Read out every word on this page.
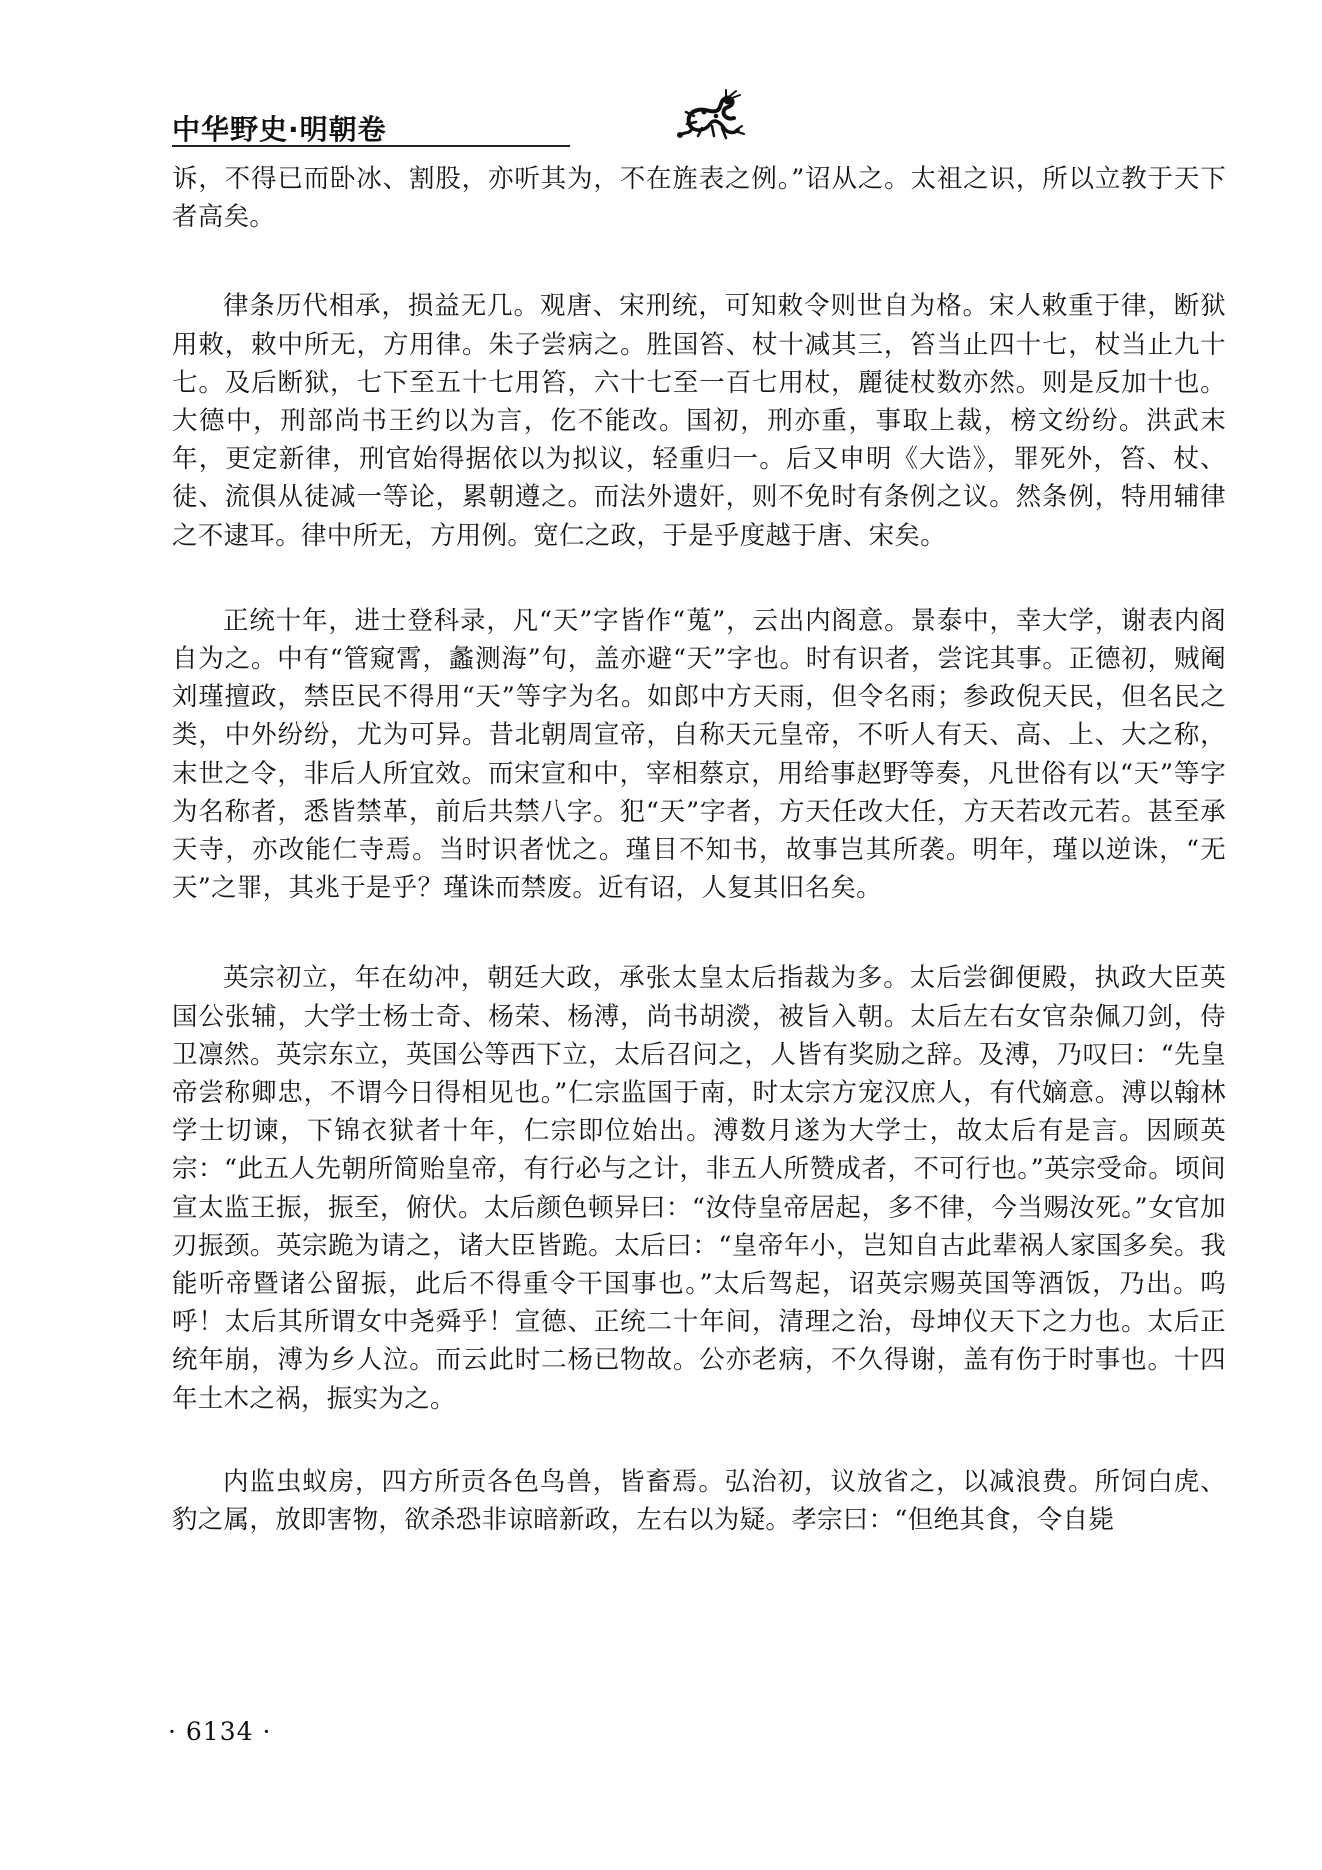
中华野史·明朝卷

诉，不得已而卧冰、割股，亦听其为，不在旌表之例。”诏从之。太祖之识，所以立教于天下者高矣。

律条历代相承，损益无几。观唐、宋刑统，可知敕令则世自为格。宋人敕重于律，断狱用敕，敕中所无，方用律。朱子尝病之。胜国笞、杖十减其三，笞当止四十七，杖当止九十七。及后断狱，七下至五十七用笞，六十七至一百七用杖，麗徒杖数亦然。则是反加十也。大德中，刑部尚书王约以为言，仡不能改。国初，刑亦重，事取上裁，榜文纷纷。洪武末年，更定新律，刑官始得据依以为拟议，轻重归一。后又申明《大诰》，罪死外，笞、杖、徒、流俱从徒减一等论，累朝遵之。而法外遗奸，则不免时有条例之议。然条例，特用辅律之不逮耳。律中所无，方用例。宽仁之政，于是乎度越于唐、宋矣。

正统十年，进士登科录，凡“天”字皆作“蒐”，云出内阁意。景泰中，幸大学，谢表内阁自为之。中有“管窥霄，蠡测海”句，盖亦避“天”字也。时有识者，尝诧其事。正德初，贼阉刘瑾擅政，禁臣民不得用“天”等字为名。如郎中方天雨，但令名雨；参政倪天民，但名民之类，中外纷纷，尤为可异。昔北朝周宣帝，自称天元皇帝，不听人有天、高、上、大之称，末世之令，非后人所宜效。而宋宣和中，宰相蔡京，用给事赵野等奏，凡世俗有以“天”等字为名称者，悉皆禁革，前后共禁八字。犯“天”字者，方天任改大任，方天若改元若。甚至承天寺，亦改能仁寺焉。当时识者忧之。瑾目不知书，故事岂其所袭。明年，瑾以逆诛，“无天”之罪，其兆于是乎？瑾诛而禁废。近有诏，人复其旧名矣。

英宗初立，年在幼冲，朝廷大政，承张太皇太后指裁为多。太后尝御便殿，执政大臣英国公张辅，大学士杨士奇、杨荣、杨溥，尚书胡濙，被旨入朝。太后左右女官杂佩刀剑，侍卫凛然。英宗东立，英国公等西下立，太后召问之，人皆有奖励之辞。及溥，乃叹曰：“先皇帝尝称卿忠，不谓今日得相见也。”仁宗监国于南，时太宗方宠汉庶人，有代嫡意。溥以翰林学士切谏，下锦衣狱者十年，仁宗即位始出。溥数月遂为大学士，故太后有是言。因顾英宗：“此五人先朝所简贻皇帝，有行必与之计，非五人所赞成者，不可行也。”英宗受命。顷间宣太监王振，振至，俯伏。太后颜色顿异曰：“汝侍皇帝居起，多不律，今当赐汝死。”女官加刃振颈。英宗跪为请之，诸大臣皆跪。太后曰：“皇帝年小，岂知自古此辈祸人家国多矣。我能听帝暨诸公留振，此后不得重令干国事也。”太后驾起，诏英宗赐英国等酒饭，乃出。呜呼！太后其所谓女中尧舜乎！宣德、正统二十年间，清理之治，母坤仪天下之力也。太后正统年崩，溥为乡人泣。而云此时二杨已物故。公亦老病，不久得谢，盖有伤于时事也。十四年土木之祸，振实为之。

内监虫蚁房，四方所贡各色鸟兽，皆畜焉。弘治初，议放省之，以减浪费。所饲白虎、豹之属，放即害物，欲杀恐非谅暗新政，左右以为疑。孝宗曰：“但绝其食，令自毙

· 6134 ·
